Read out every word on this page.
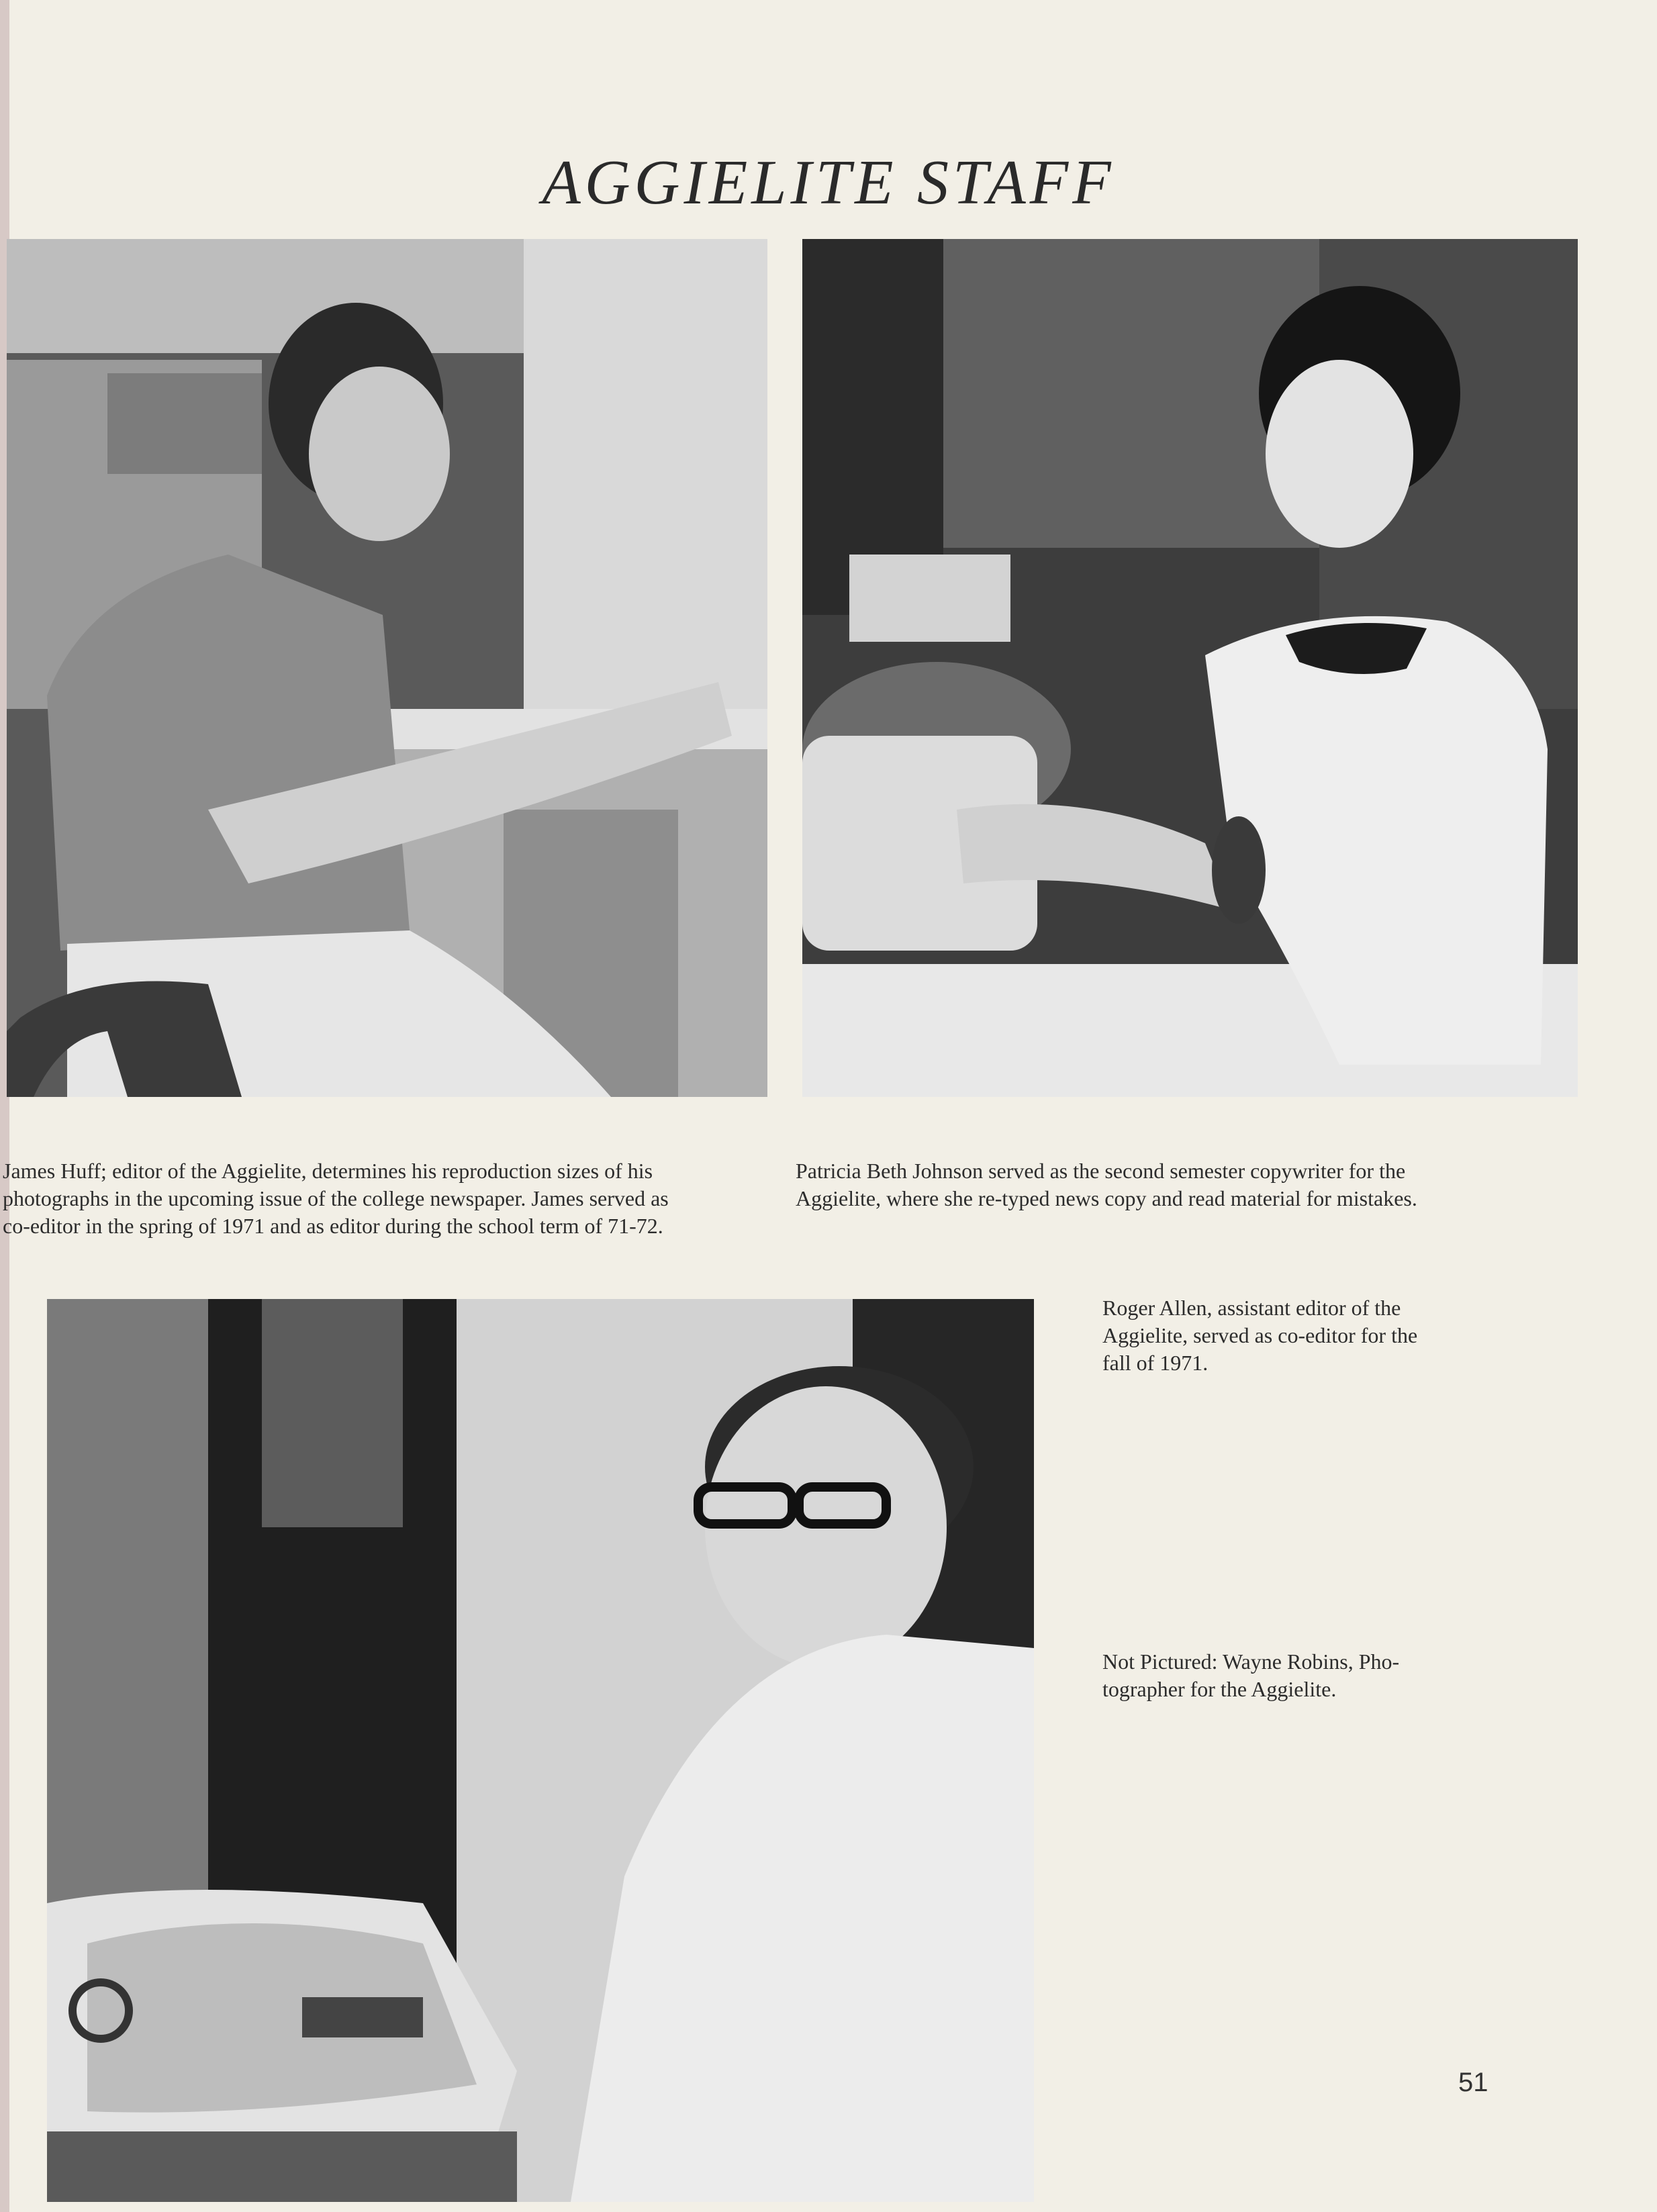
AGGIELITE STAFF

James Huff; editor of the Aggielite, determines his reproduction sizes of his

photographs in the upcoming issue of the college newspaper. James served as

co-editor in the spring of 1971 and as editor during the school term of 71-72.

Patricia Beth Johnson served as the second semester copywriter for the

Aggielite, where she re-typed news copy and read material for mistakes.

Roger Allen, assistant editor of the

Aggielite, served as co-editor for the

fall of 1971.

Not Pictured: Wayne Robins, Pho-

tographer for the Aggielite.

51
